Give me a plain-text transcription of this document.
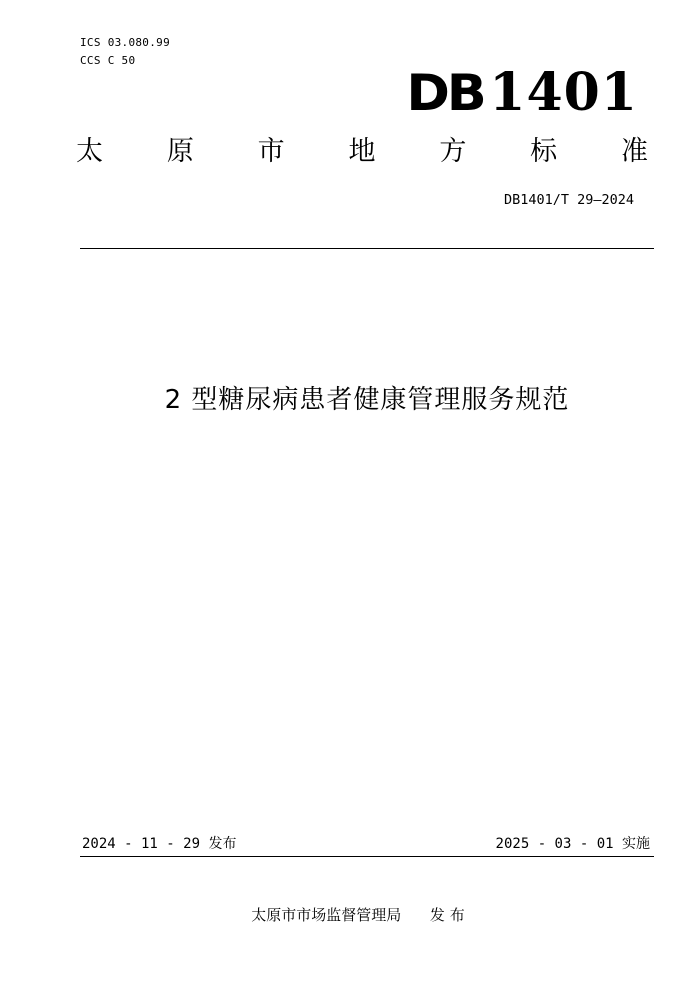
ICS 03.080.99
CCS C 50
DB 1401
太 原 市 地 方 标 准
DB1401/T 29—2024
2 型糖尿病患者健康管理服务规范
2024 - 11 - 29 发布	2025 - 03 - 01 实施
太原市市场监督管理局 发 布
